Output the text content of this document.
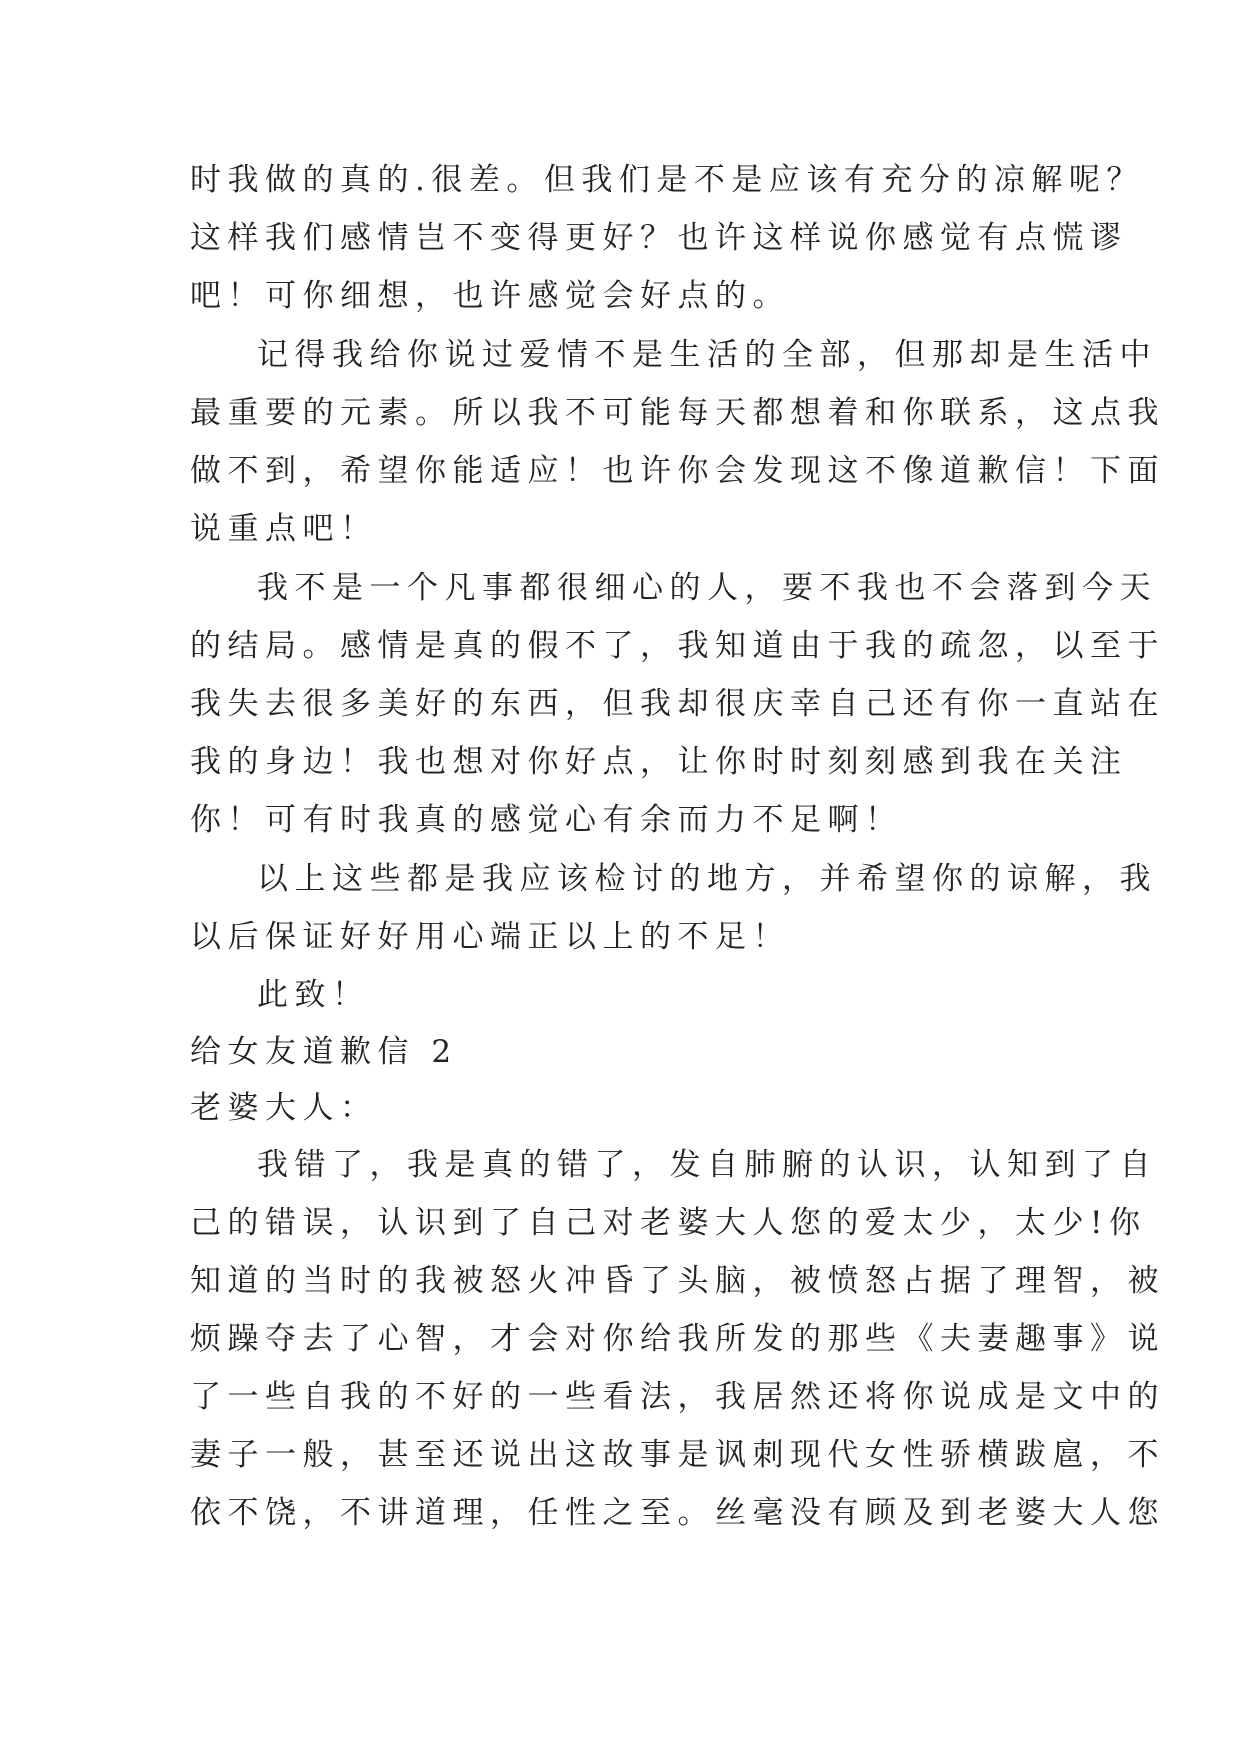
时我做的真的.很差。但我们是不是应该有充分的凉解呢？
这样我们感情岂不变得更好？也许这样说你感觉有点慌谬
吧！可你细想，也许感觉会好点的。
记得我给你说过爱情不是生活的全部，但那却是生活中
最重要的元素。所以我不可能每天都想着和你联系，这点我
做不到，希望你能适应！也许你会发现这不像道歉信！下面
说重点吧！
我不是一个凡事都很细心的人，要不我也不会落到今天
的结局。感情是真的假不了，我知道由于我的疏忽，以至于
我失去很多美好的东西，但我却很庆幸自己还有你一直站在
我的身边！我也想对你好点，让你时时刻刻感到我在关注
你！可有时我真的感觉心有余而力不足啊！
以上这些都是我应该检讨的地方，并希望你的谅解，我
以后保证好好用心端正以上的不足！
此致！
给女友道歉信 2
老婆大人：
我错了，我是真的错了，发自肺腑的认识，认知到了自
己的错误，认识到了自己对老婆大人您的爱太少，太少!你
知道的当时的我被怒火冲昏了头脑，被愤怒占据了理智，被
烦躁夺去了心智，才会对你给我所发的那些《夫妻趣事》说
了一些自我的不好的一些看法，我居然还将你说成是文中的
妻子一般，甚至还说出这故事是讽刺现代女性骄横跋扈，不
依不饶，不讲道理，任性之至。丝毫没有顾及到老婆大人您
